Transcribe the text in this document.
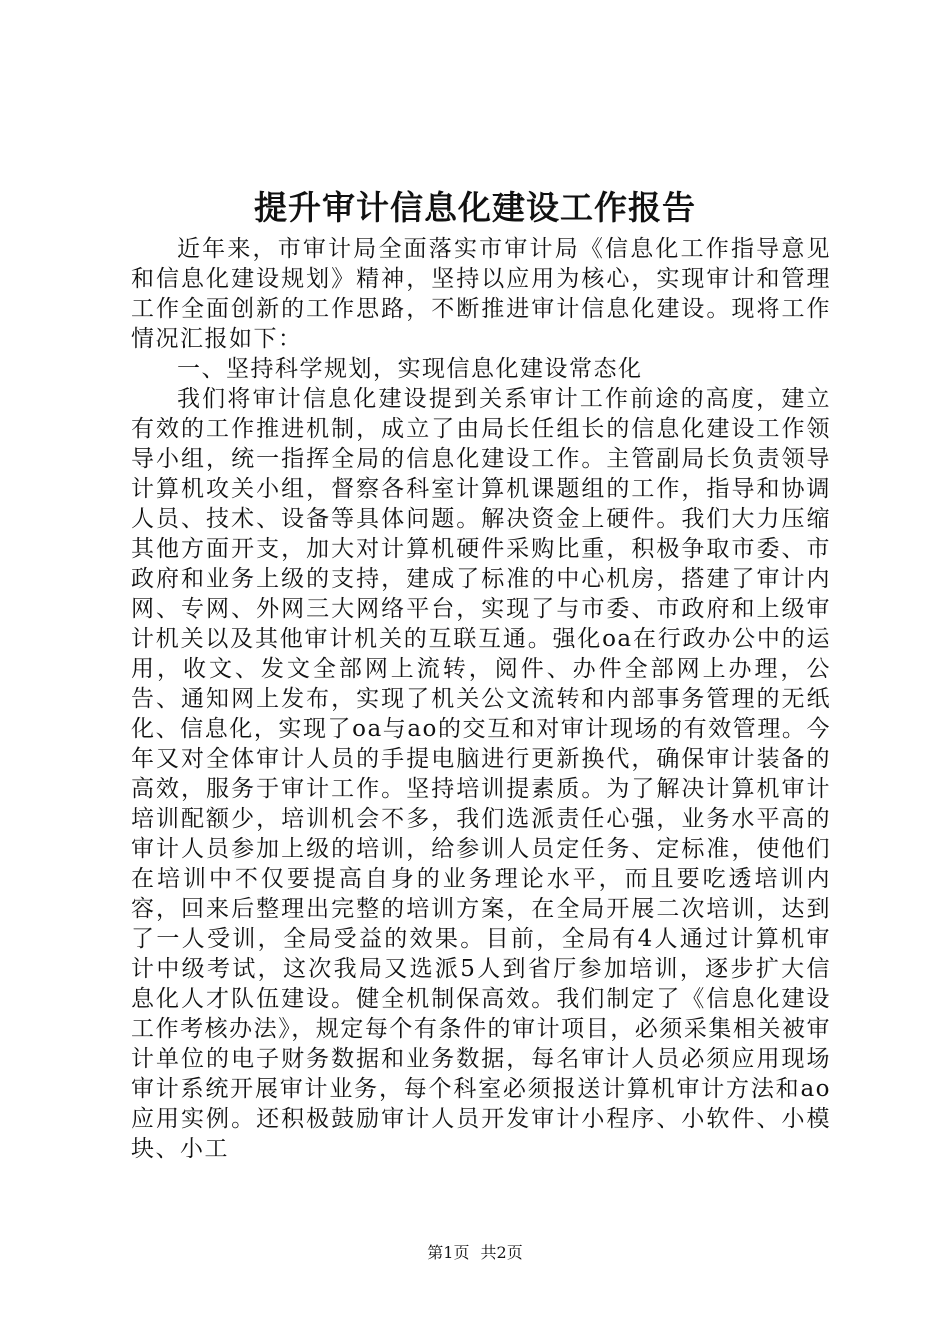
提升审计信息化建设工作报告

近年来，市审计局全面落实市审计局《信息化工作指导意见和信息化建设规划》精神，坚持以应用为核心，实现审计和管理工作全面创新的工作思路，不断推进审计信息化建设。现将工作情况汇报如下：

一、坚持科学规划，实现信息化建设常态化

我们将审计信息化建设提到关系审计工作前途的高度，建立有效的工作推进机制，成立了由局长任组长的信息化建设工作领导小组，统一指挥全局的信息化建设工作。主管副局长负责领导计算机攻关小组，督察各科室计算机课题组的工作，指导和协调人员、技术、设备等具体问题。解决资金上硬件。我们大力压缩其他方面开支，加大对计算机硬件采购比重，积极争取市委、市政府和业务上级的支持，建成了标准的中心机房，搭建了审计内网、专网、外网三大网络平台，实现了与市委、市政府和上级审计机关以及其他审计机关的互联互通。强化oa在行政办公中的运用，收文、发文全部网上流转，阅件、办件全部网上办理，公告、通知网上发布，实现了机关公文流转和内部事务管理的无纸化、信息化，实现了oa与ao的交互和对审计现场的有效管理。今年又对全体审计人员的手提电脑进行更新换代，确保审计装备的高效，服务于审计工作。坚持培训提素质。为了解决计算机审计培训配额少，培训机会不多，我们选派责任心强，业务水平高的审计人员参加上级的培训，给参训人员定任务、定标准，使他们在培训中不仅要提高自身的业务理论水平，而且要吃透培训内容，回来后整理出完整的培训方案，在全局开展二次培训，达到了一人受训，全局受益的效果。目前，全局有4人通过计算机审计中级考试，这次我局又选派5人到省厅参加培训，逐步扩大信息化人才队伍建设。健全机制保高效。我们制定了《信息化建设工作考核办法》，规定每个有条件的审计项目，必须采集相关被审计单位的电子财务数据和业务数据，每名审计人员必须应用现场审计系统开展审计业务，每个科室必须报送计算机审计方法和ao应用实例。还积极鼓励审计人员开发审计小程序、小软件、小模块、小工

第1页 共2页
